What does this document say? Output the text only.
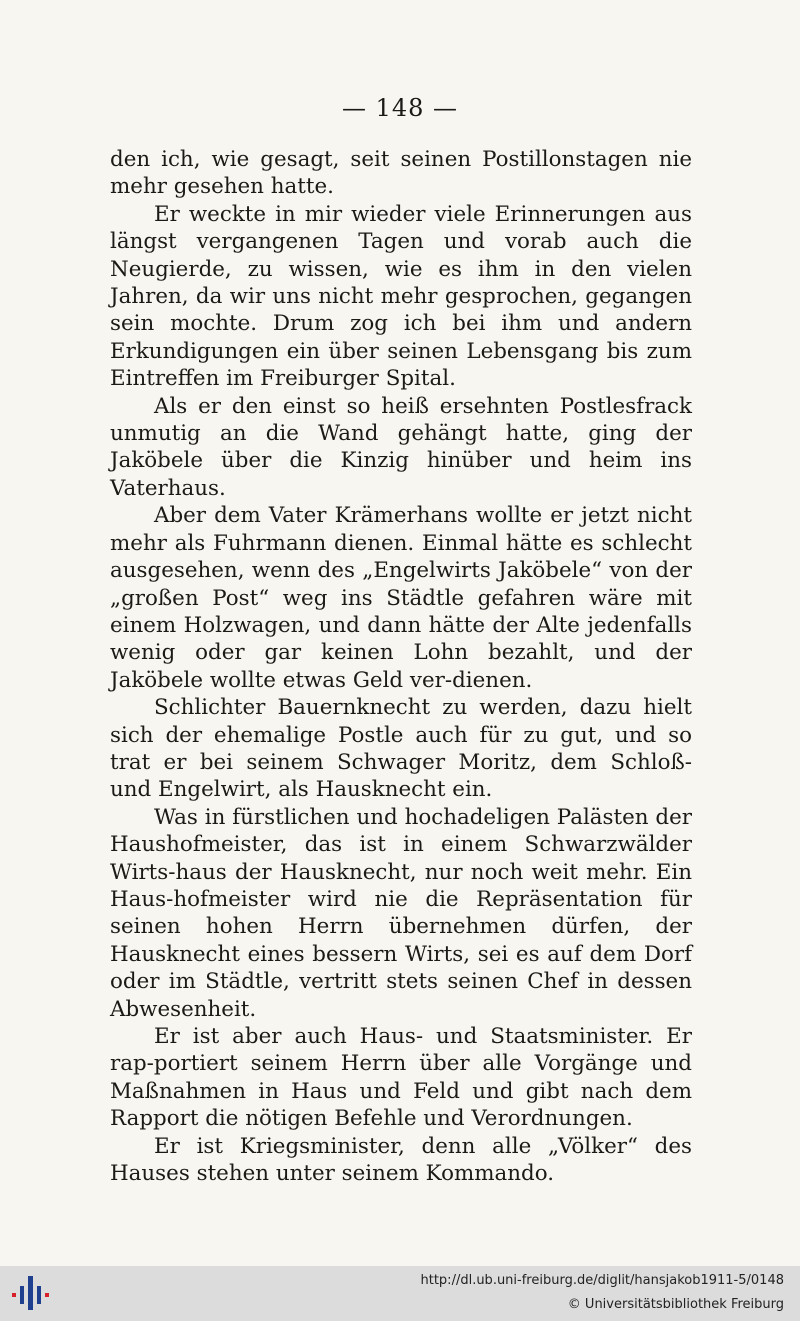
— 148 —

den ich, wie gesagt, seit seinen Postillonstagen nie mehr gesehen hatte.

Er weckte in mir wieder viele Erinnerungen aus längst vergangenen Tagen und vorab auch die Neugierde, zu wissen, wie es ihm in den vielen Jahren, da wir uns nicht mehr gesprochen, gegangen sein mochte. Drum zog ich bei ihm und andern Erkundigungen ein über seinen Lebensgang bis zum Eintreffen im Freiburger Spital.

Als er den einst so heiß ersehnten Postlesfrack unmutig an die Wand gehängt hatte, ging der Jaköbele über die Kinzig hinüber und heim ins Vaterhaus.

Aber dem Vater Krämerhans wollte er jetzt nicht mehr als Fuhrmann dienen. Einmal hätte es schlecht ausgesehen, wenn des „Engelwirts Jaköbele“ von der „großen Post“ weg ins Städtle gefahren wäre mit einem Holzwagen, und dann hätte der Alte jedenfalls wenig oder gar keinen Lohn bezahlt, und der Jaköbele wollte etwas Geld ver-dienen.

Schlichter Bauernknecht zu werden, dazu hielt sich der ehemalige Postle auch für zu gut, und so trat er bei seinem Schwager Moritz, dem Schloß- und Engelwirt, als Hausknecht ein.

Was in fürstlichen und hochadeligen Palästen der Haushofmeister, das ist in einem Schwarzwälder Wirts-haus der Hausknecht, nur noch weit mehr. Ein Haus-hofmeister wird nie die Repräsentation für seinen hohen Herrn übernehmen dürfen, der Hausknecht eines bessern Wirts, sei es auf dem Dorf oder im Städtle, vertritt stets seinen Chef in dessen Abwesenheit.

Er ist aber auch Haus- und Staatsminister. Er rap-portiert seinem Herrn über alle Vorgänge und Maßnahmen in Haus und Feld und gibt nach dem Rapport die nötigen Befehle und Verordnungen.

Er ist Kriegsminister, denn alle „Völker“ des Hauses stehen unter seinem Kommando.

http://dl.ub.uni-freiburg.de/diglit/hansjakob1911-5/0148
© Universitätsbibliothek Freiburg
